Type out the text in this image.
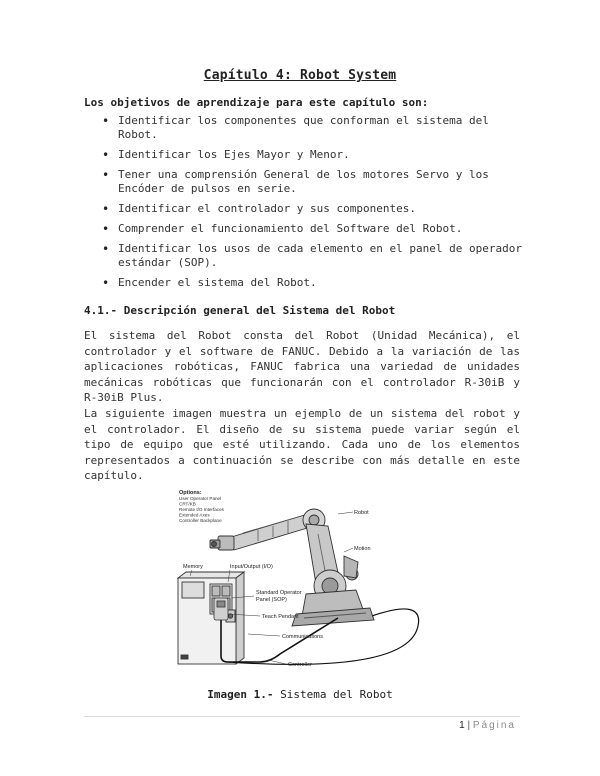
Capítulo 4: Robot System
Los objetivos de aprendizaje para este capítulo son:
• Identificar los componentes que conforman el sistema del Robot.
• Identificar los Ejes Mayor y Menor.
• Tener una comprensión General de los motores Servo y los Encóder de pulsos en serie.
• Identificar el controlador y sus componentes.
• Comprender el funcionamiento del Software del Robot.
• Identificar los usos de cada elemento en el panel de operador estándar (SOP).
• Encender el sistema del Robot.
4.1.- Descripción general del Sistema del Robot

El sistema del Robot consta del Robot (Unidad Mecánica), el controlador y el software de FANUC. Debido a la variación de las aplicaciones robóticas, FANUC fabrica una variedad de unidades mecánicas robóticas que funcionarán con el controlador R-30iB y R-30iB Plus.

La siguiente imagen muestra un ejemplo de un sistema del robot y el controlador. El diseño de su sistema puede variar según el tipo de equipo que esté utilizando. Cada uno de los elementos representados a continuación se describe con más detalle en este capítulo.

Options:
User Operator Panel
CRT/KB
Remote I/O Interfaces
Extended Axes
Controller Backplane
Robot
Motion
Memory	Input/Output (I/O)
Standard Operator
Panel (SOP)
Teach Pendant
Communications
Controller
Imagen 1.- Sistema del Robot
1 | Página
